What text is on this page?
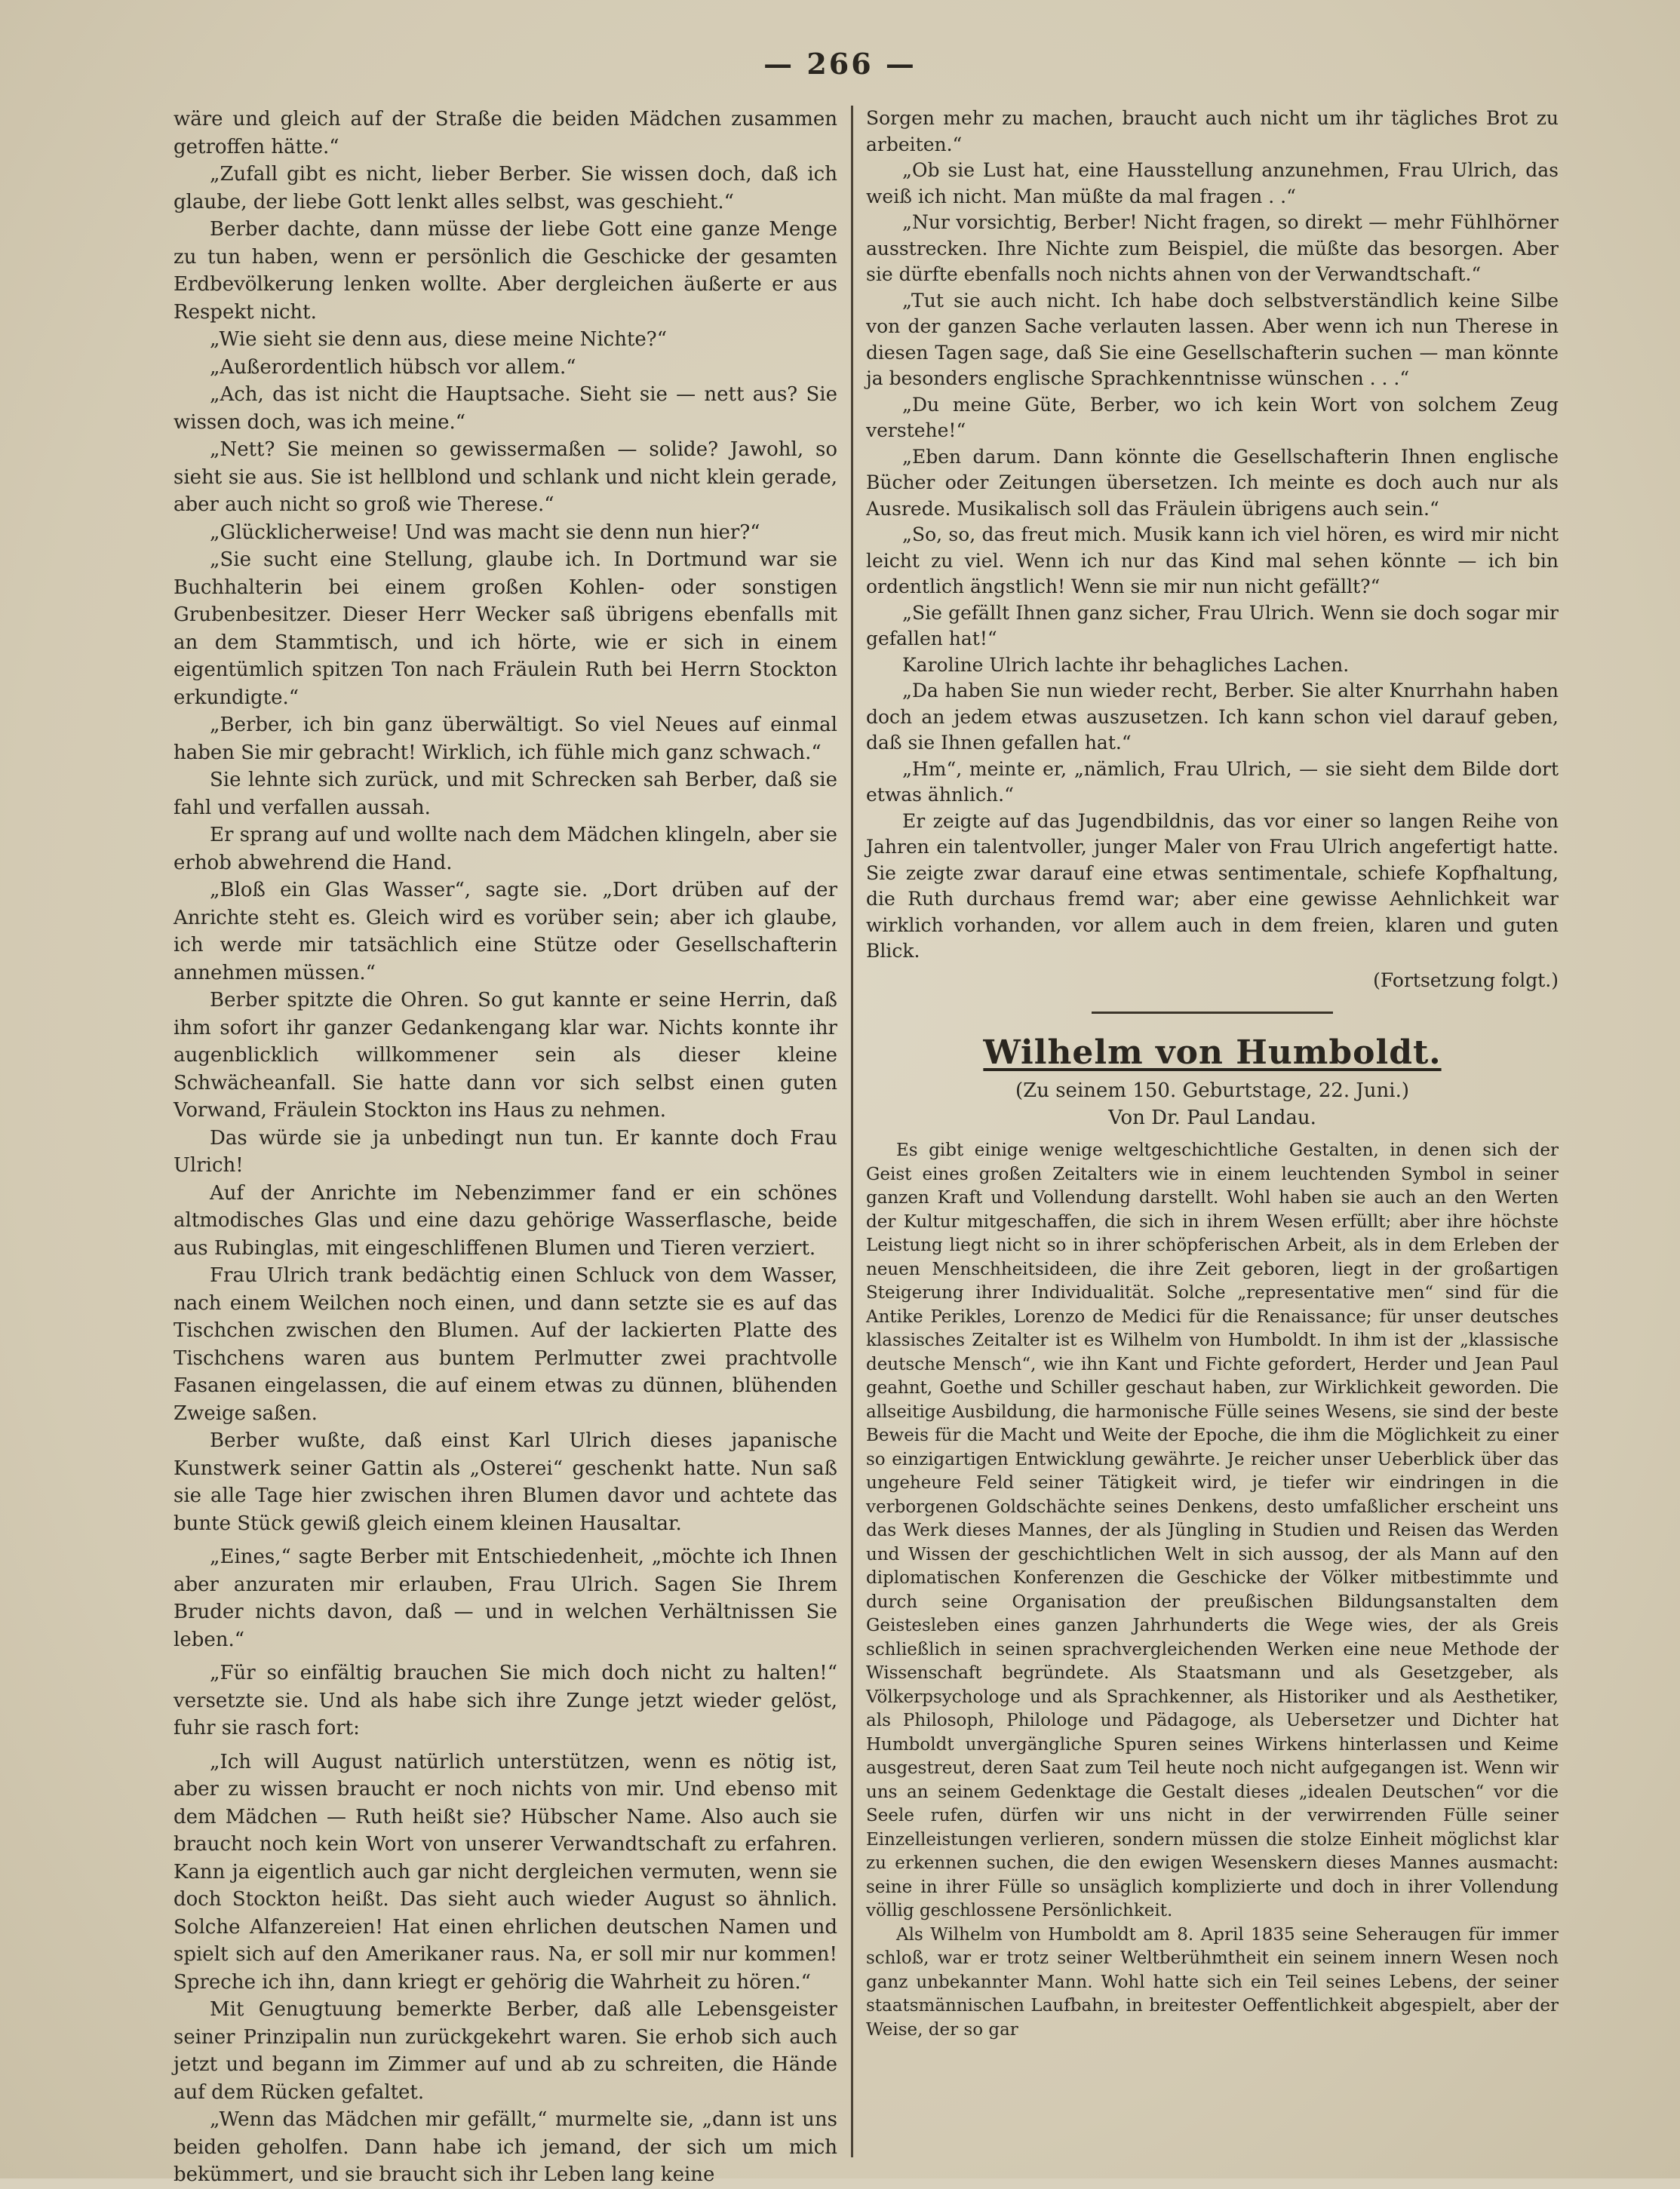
— 266 —

wäre und gleich auf der Straße die beiden Mädchen zusammen getroffen hätte.“

„Zufall gibt es nicht, lieber Berber. Sie wissen doch, daß ich glaube, der liebe Gott lenkt alles selbst, was geschieht.“

Berber dachte, dann müsse der liebe Gott eine ganze Menge zu tun haben, wenn er persönlich die Geschicke der gesamten Erdbevölkerung lenken wollte. Aber dergleichen äußerte er aus Respekt nicht.

„Wie sieht sie denn aus, diese meine Nichte?“

„Außerordentlich hübsch vor allem.“

„Ach, das ist nicht die Hauptsache. Sieht sie — nett aus? Sie wissen doch, was ich meine.“

„Nett? Sie meinen so gewissermaßen — solide? Jawohl, so sieht sie aus. Sie ist hellblond und schlank und nicht klein gerade, aber auch nicht so groß wie Therese.“

„Glücklicherweise! Und was macht sie denn nun hier?“

„Sie sucht eine Stellung, glaube ich. In Dortmund war sie Buchhalterin bei einem großen Kohlen- oder sonstigen Grubenbesitzer. Dieser Herr Wecker saß übrigens ebenfalls mit an dem Stammtisch, und ich hörte, wie er sich in einem eigentümlich spitzen Ton nach Fräulein Ruth bei Herrn Stockton erkundigte.“

„Berber, ich bin ganz überwältigt. So viel Neues auf einmal haben Sie mir gebracht! Wirklich, ich fühle mich ganz schwach.“

Sie lehnte sich zurück, und mit Schrecken sah Berber, daß sie fahl und verfallen aussah.

Er sprang auf und wollte nach dem Mädchen klingeln, aber sie erhob abwehrend die Hand.

„Bloß ein Glas Wasser“, sagte sie. „Dort drüben auf der Anrichte steht es. Gleich wird es vorüber sein; aber ich glaube, ich werde mir tatsächlich eine Stütze oder Gesellschafterin annehmen müssen.“

Berber spitzte die Ohren. So gut kannte er seine Herrin, daß ihm sofort ihr ganzer Gedankengang klar war. Nichts konnte ihr augenblicklich willkommener sein als dieser kleine Schwächeanfall. Sie hatte dann vor sich selbst einen guten Vorwand, Fräulein Stockton ins Haus zu nehmen.

Das würde sie ja unbedingt nun tun. Er kannte doch Frau Ulrich!

Auf der Anrichte im Nebenzimmer fand er ein schönes altmodisches Glas und eine dazu gehörige Wasserflasche, beide aus Rubinglas, mit eingeschliffenen Blumen und Tieren verziert.

Frau Ulrich trank bedächtig einen Schluck von dem Wasser, nach einem Weilchen noch einen, und dann setzte sie es auf das Tischchen zwischen den Blumen. Auf der lackierten Platte des Tischchens waren aus buntem Perlmutter zwei prachtvolle Fasanen eingelassen, die auf einem etwas zu dünnen, blühenden Zweige saßen.

Berber wußte, daß einst Karl Ulrich dieses japanische Kunstwerk seiner Gattin als „Osterei“ geschenkt hatte. Nun saß sie alle Tage hier zwischen ihren Blumen davor und achtete das bunte Stück gewiß gleich einem kleinen Hausaltar.

„Eines,“ sagte Berber mit Entschiedenheit, „möchte ich Ihnen aber anzuraten mir erlauben, Frau Ulrich. Sagen Sie Ihrem Bruder nichts davon, daß — und in welchen Verhältnissen Sie leben.“

„Für so einfältig brauchen Sie mich doch nicht zu halten!“ versetzte sie. Und als habe sich ihre Zunge jetzt wieder gelöst, fuhr sie rasch fort:

„Ich will August natürlich unterstützen, wenn es nötig ist, aber zu wissen braucht er noch nichts von mir. Und ebenso mit dem Mädchen — Ruth heißt sie? Hübscher Name. Also auch sie braucht noch kein Wort von unserer Verwandtschaft zu erfahren. Kann ja eigentlich auch gar nicht dergleichen vermuten, wenn sie doch Stockton heißt. Das sieht auch wieder August so ähnlich. Solche Alfanzereien! Hat einen ehrlichen deutschen Namen und spielt sich auf den Amerikaner raus. Na, er soll mir nur kommen! Spreche ich ihn, dann kriegt er gehörig die Wahrheit zu hören.“

Mit Genugtuung bemerkte Berber, daß alle Lebensgeister seiner Prinzipalin nun zurückgekehrt waren. Sie erhob sich auch jetzt und begann im Zimmer auf und ab zu schreiten, die Hände auf dem Rücken gefaltet.

„Wenn das Mädchen mir gefällt,“ murmelte sie, „dann ist uns beiden geholfen. Dann habe ich jemand, der sich um mich bekümmert, und sie braucht sich ihr Leben lang keine

Sorgen mehr zu machen, braucht auch nicht um ihr tägliches Brot zu arbeiten.“

„Ob sie Lust hat, eine Hausstellung anzunehmen, Frau Ulrich, das weiß ich nicht. Man müßte da mal fragen . .“

„Nur vorsichtig, Berber! Nicht fragen, so direkt — mehr Fühlhörner ausstrecken. Ihre Nichte zum Beispiel, die müßte das besorgen. Aber sie dürfte ebenfalls noch nichts ahnen von der Verwandtschaft.“

„Tut sie auch nicht. Ich habe doch selbstverständlich keine Silbe von der ganzen Sache verlauten lassen. Aber wenn ich nun Therese in diesen Tagen sage, daß Sie eine Gesellschafterin suchen — man könnte ja besonders englische Sprachkenntnisse wünschen . . .“

„Du meine Güte, Berber, wo ich kein Wort von solchem Zeug verstehe!“

„Eben darum. Dann könnte die Gesellschafterin Ihnen englische Bücher oder Zeitungen übersetzen. Ich meinte es doch auch nur als Ausrede. Musikalisch soll das Fräulein übrigens auch sein.“

„So, so, das freut mich. Musik kann ich viel hören, es wird mir nicht leicht zu viel. Wenn ich nur das Kind mal sehen könnte — ich bin ordentlich ängstlich! Wenn sie mir nun nicht gefällt?“

„Sie gefällt Ihnen ganz sicher, Frau Ulrich. Wenn sie doch sogar mir gefallen hat!“

Karoline Ulrich lachte ihr behagliches Lachen.

„Da haben Sie nun wieder recht, Berber. Sie alter Knurrhahn haben doch an jedem etwas auszusetzen. Ich kann schon viel darauf geben, daß sie Ihnen gefallen hat.“

„Hm“, meinte er, „nämlich, Frau Ulrich, — sie sieht dem Bilde dort etwas ähnlich.“

Er zeigte auf das Jugendbildnis, das vor einer so langen Reihe von Jahren ein talentvoller, junger Maler von Frau Ulrich angefertigt hatte. Sie zeigte zwar darauf eine etwas sentimentale, schiefe Kopfhaltung, die Ruth durchaus fremd war; aber eine gewisse Aehnlichkeit war wirklich vorhanden, vor allem auch in dem freien, klaren und guten Blick.

(Fortsetzung folgt.)
Wilhelm von Humboldt.
(Zu seinem 150. Geburtstage, 22. Juni.)
Von Dr. Paul Landau.

Es gibt einige wenige weltgeschichtliche Gestalten, in denen sich der Geist eines großen Zeitalters wie in einem leuchtenden Symbol in seiner ganzen Kraft und Vollendung darstellt. Wohl haben sie auch an den Werten der Kultur mitgeschaffen, die sich in ihrem Wesen erfüllt; aber ihre höchste Leistung liegt nicht so in ihrer schöpferischen Arbeit, als in dem Erleben der neuen Menschheitsideen, die ihre Zeit geboren, liegt in der großartigen Steigerung ihrer Individualität. Solche „representative men“ sind für die Antike Perikles, Lorenzo de Medici für die Renaissance; für unser deutsches klassisches Zeitalter ist es Wilhelm von Humboldt. In ihm ist der „klassische deutsche Mensch“, wie ihn Kant und Fichte gefordert, Herder und Jean Paul geahnt, Goethe und Schiller geschaut haben, zur Wirklichkeit geworden. Die allseitige Ausbildung, die harmonische Fülle seines Wesens, sie sind der beste Beweis für die Macht und Weite der Epoche, die ihm die Möglichkeit zu einer so einzigartigen Entwicklung gewährte. Je reicher unser Ueberblick über das ungeheure Feld seiner Tätigkeit wird, je tiefer wir eindringen in die verborgenen Goldschächte seines Denkens, desto umfaßlicher erscheint uns das Werk dieses Mannes, der als Jüngling in Studien und Reisen das Werden und Wissen der geschichtlichen Welt in sich aussog, der als Mann auf den diplomatischen Konferenzen die Geschicke der Völker mitbestimmte und durch seine Organisation der preußischen Bildungsanstalten dem Geistesleben eines ganzen Jahrhunderts die Wege wies, der als Greis schließlich in seinen sprachvergleichenden Werken eine neue Methode der Wissenschaft begründete. Als Staatsmann und als Gesetzgeber, als Völkerpsychologe und als Sprachkenner, als Historiker und als Aesthetiker, als Philosoph, Philologe und Pädagoge, als Uebersetzer und Dichter hat Humboldt unvergängliche Spuren seines Wirkens hinterlassen und Keime ausgestreut, deren Saat zum Teil heute noch nicht aufgegangen ist. Wenn wir uns an seinem Gedenktage die Gestalt dieses „idealen Deutschen“ vor die Seele rufen, dürfen wir uns nicht in der verwirrenden Fülle seiner Einzelleistungen verlieren, sondern müssen die stolze Einheit möglichst klar zu erkennen suchen, die den ewigen Wesenskern dieses Mannes ausmacht: seine in ihrer Fülle so unsäglich komplizierte und doch in ihrer Vollendung völlig geschlossene Persönlichkeit.

Als Wilhelm von Humboldt am 8. April 1835 seine Seheraugen für immer schloß, war er trotz seiner Weltberühmtheit ein seinem innern Wesen noch ganz unbekannter Mann. Wohl hatte sich ein Teil seines Lebens, der seiner staatsmännischen Laufbahn, in breitester Oeffentlichkeit abgespielt, aber der Weise, der so gar
